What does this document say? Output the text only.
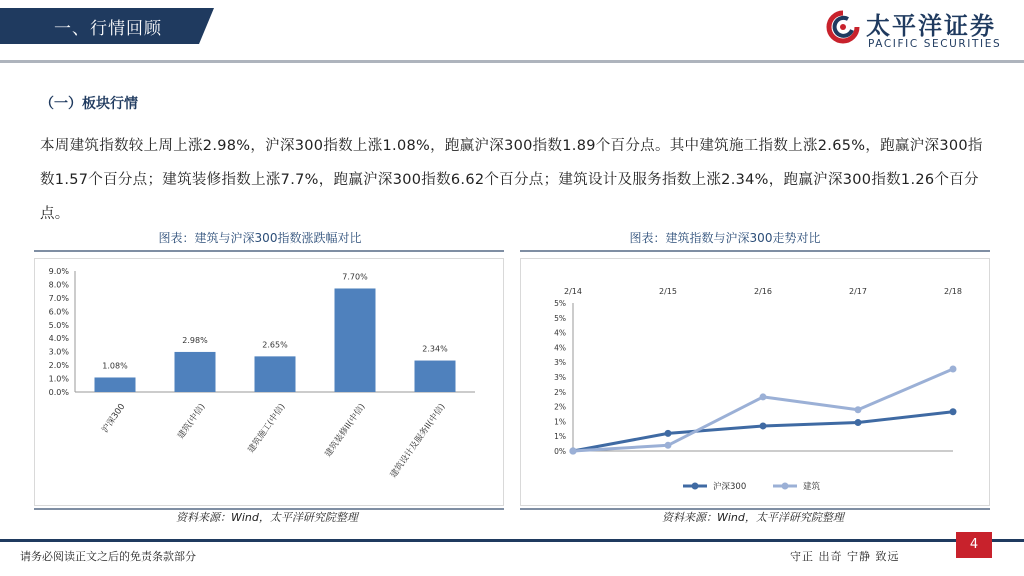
一、行情回顾	太平洋证券
PACIFIC SECURITIES
（一）板块行情
本周建筑指数较上周上涨2.98%，沪深300指数上涨1.08%，跑赢沪深300指数1.89个百分点。其中建筑施工指数上涨2.65%，跑赢沪深300指数1.57个百分点；建筑装修指数上涨7.7%，跑赢沪深300指数6.62个百分点；建筑设计及服务指数上涨2.34%，跑赢沪深300指数1.26个百分点。
图表：建筑与沪深300指数涨跌幅对比
0.0%
1.0%
2.0%
3.0%
4.0%
5.0%
6.0%
7.0%
8.0%
9.0%
1.08%
沪深300
2.98%
建筑(中信)
2.65%
建筑施工(中信)
7.70%
建筑装修II(中信)
2.34%
建筑设计及服务II(中信)
资料来源：Wind，太平洋研究院整理
图表：建筑指数与沪深300走势对比
0%
1%
1%
2%
2%
3%
3%
4%
4%
5%
5%
2/14	2/15	2/16	2/17	2/18
沪深300	建筑
资料来源：Wind，太平洋研究院整理
请务必阅读正文之后的免责条款部分	守正 出奇 宁静 致远
4
